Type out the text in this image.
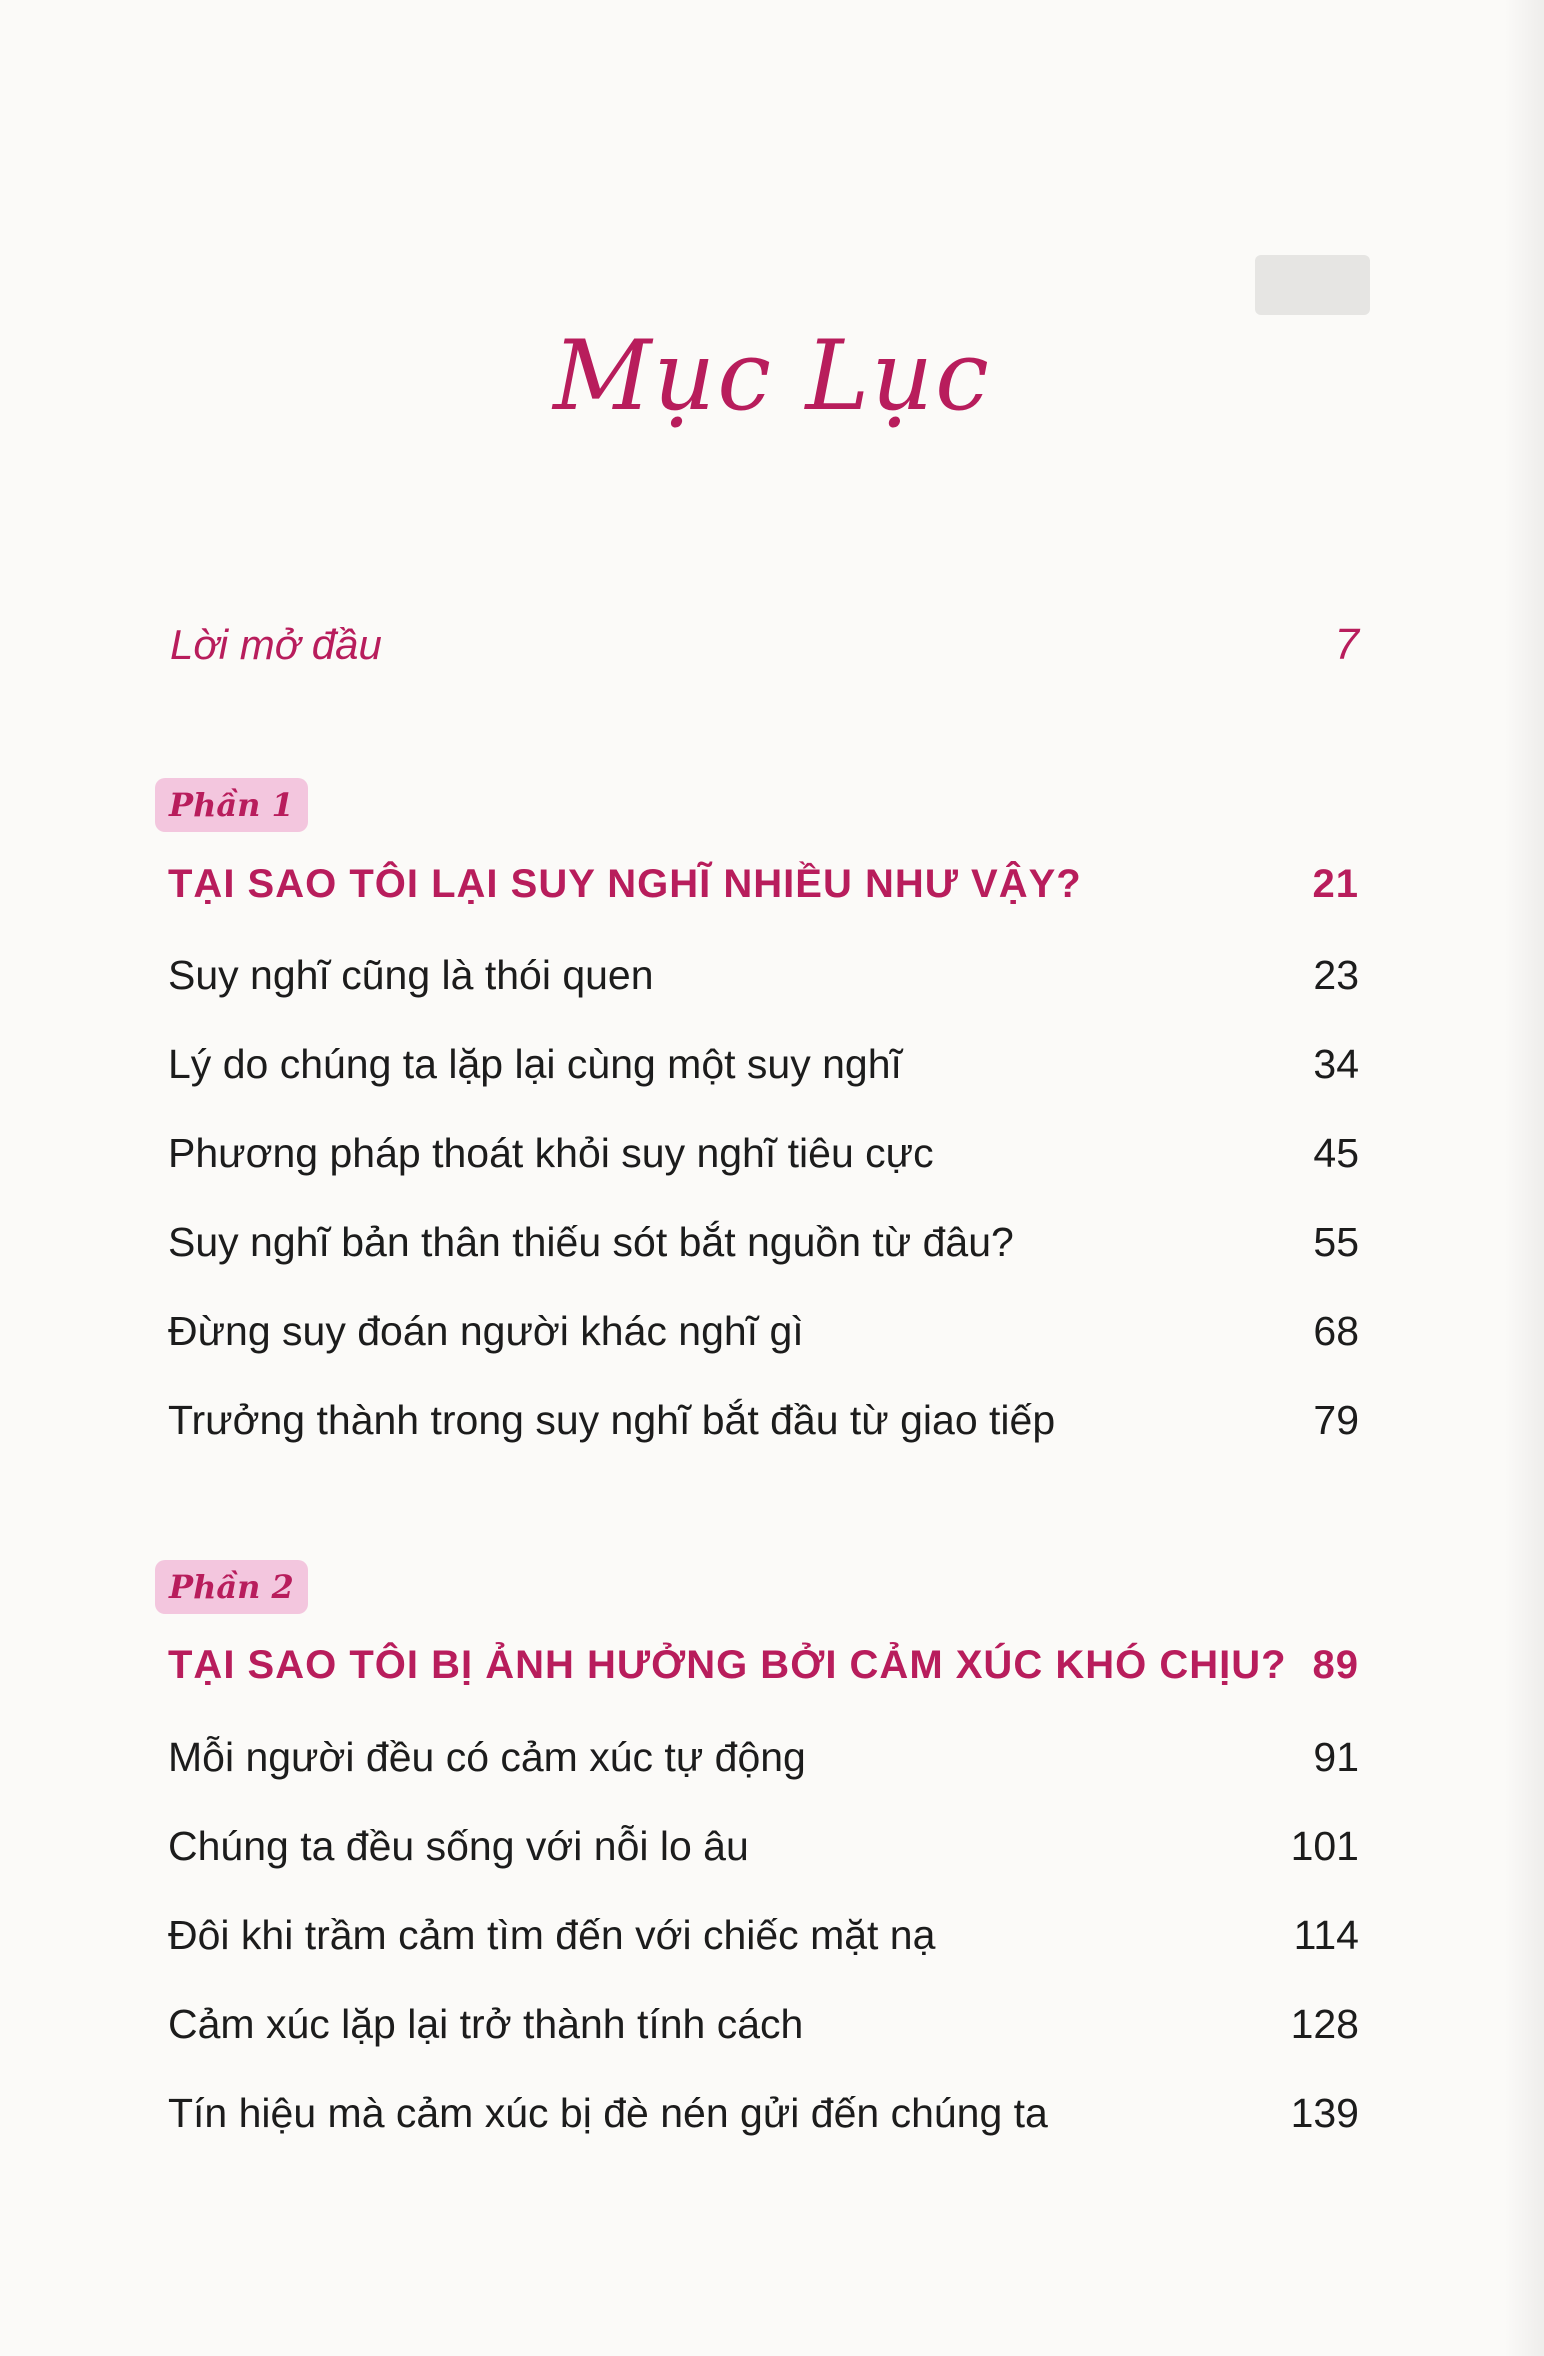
Mục Lục
Lời mở đầu	7
Phần 1
TẠI SAO TÔI LẠI SUY NGHĨ NHIỀU NHƯ VẬY?	21
Suy nghĩ cũng là thói quen	23
Lý do chúng ta lặp lại cùng một suy nghĩ	34
Phương pháp thoát khỏi suy nghĩ tiêu cực	45
Suy nghĩ bản thân thiếu sót bắt nguồn từ đâu?	55
Đừng suy đoán người khác nghĩ gì	68
Trưởng thành trong suy nghĩ bắt đầu từ giao tiếp	79
Phần 2
TẠI SAO TÔI BỊ ẢNH HƯỞNG BỞI CẢM XÚC KHÓ CHỊU? 89
Mỗi người đều có cảm xúc tự động	91
Chúng ta đều sống với nỗi lo âu	101
Đôi khi trầm cảm tìm đến với chiếc mặt nạ	114
Cảm xúc lặp lại trở thành tính cách	128
Tín hiệu mà cảm xúc bị đè nén gửi đến chúng ta	139
